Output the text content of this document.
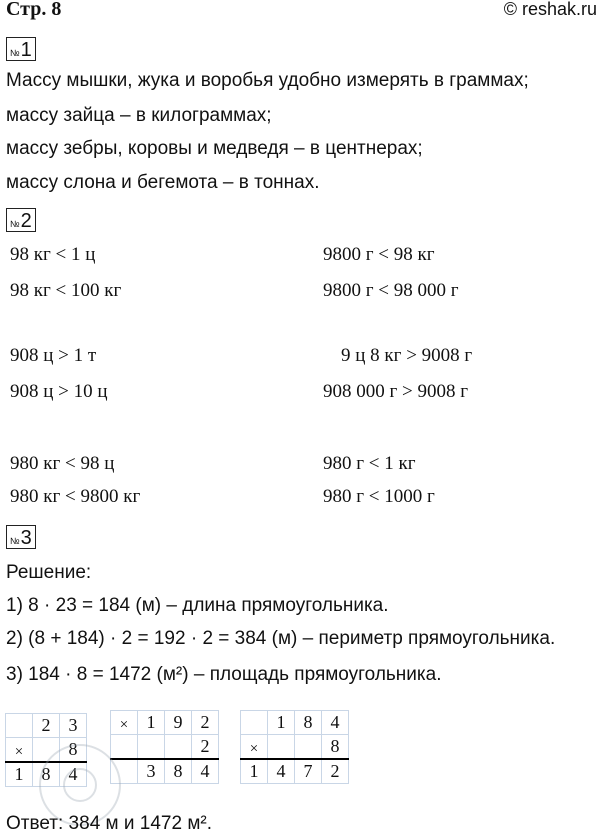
Стр. 8	© reshak.ru
№ 1
Массу мышки, жука и воробья удобно измерять в граммах;
массу зайца – в килограммах;
массу зебры, коровы и медведя – в центнерах;
массу слона и бегемота – в тоннах.
№ 2
98 кг < 1 ц
98 кг < 100 кг
908 ц > 1 т
908 ц > 10 ц
980 кг < 98 ц
980 кг < 9800 кг
9800 г < 98 кг
9800 г < 98 000 г
9 ц 8 кг > 9008 г
908 000 г > 9008 г
980 г < 1 кг
980 г < 1000 г
№ 3
Решение:
1) 8 · 23 = 184 (м) – длина прямоугольника.
2) (8 + 184) · 2 = 192 · 2 = 384 (м) – периметр прямоугольника.
3) 184 · 8 = 1472 (м²) – площадь прямоугольника.
	2	3
×		8
1	8	4
×	1	9	2
			2
	3	8	4
	1	8	4
×			8
1	4	7	2
Ответ: 384 м и 1472 м².
